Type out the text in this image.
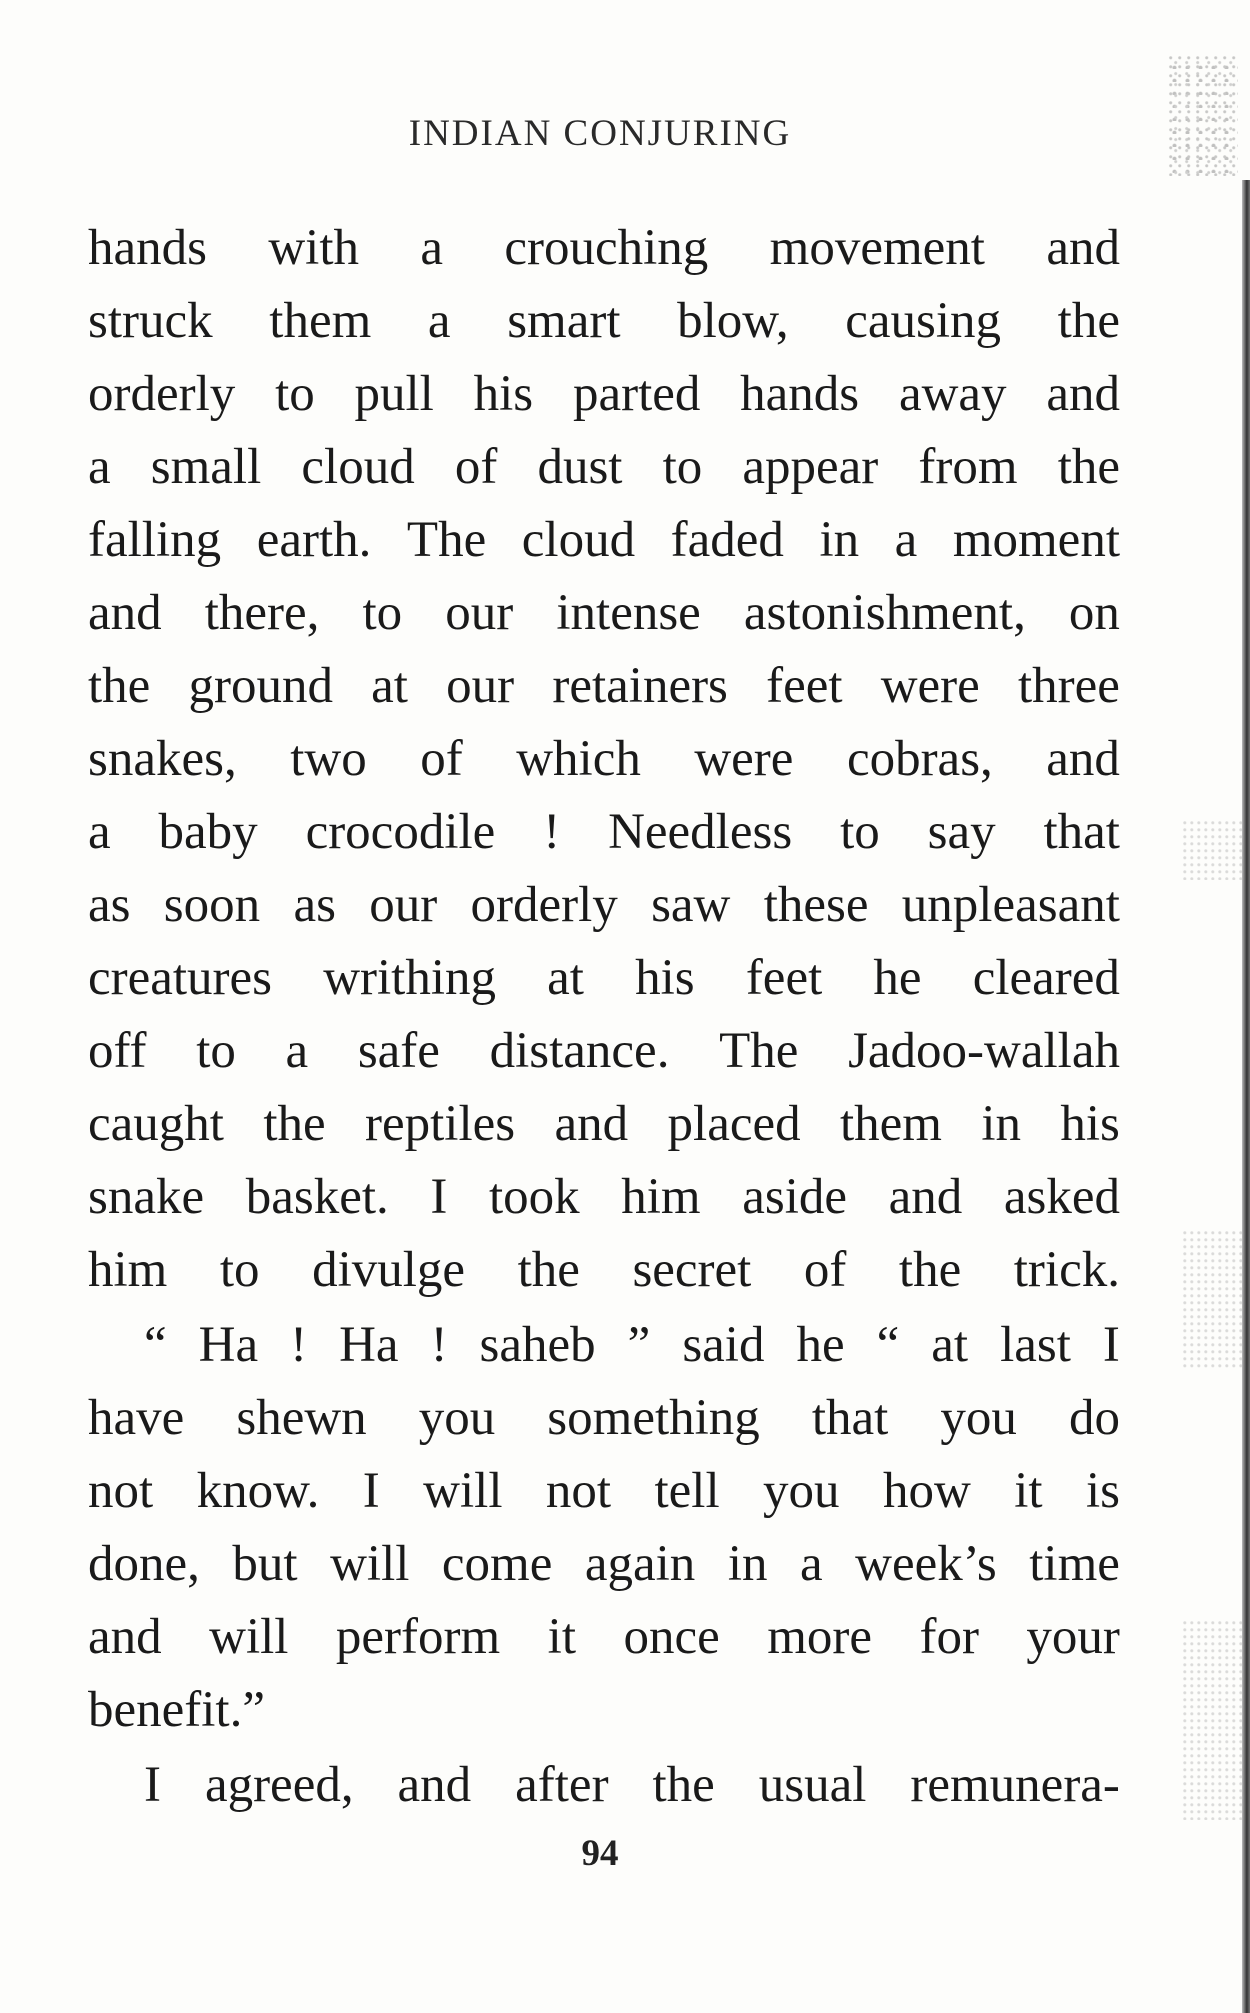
INDIAN CONJURING
hands with a crouching movement and
struck them a smart blow, causing the
orderly to pull his parted hands away and
a small cloud of dust to appear from the
falling earth. The cloud faded in a moment
and there, to our intense astonishment, on
the ground at our retainers feet were three
snakes, two of which were cobras, and
a baby crocodile ! Needless to say that
as soon as our orderly saw these unpleasant
creatures writhing at his feet he cleared
off to a safe distance. The Jadoo-wallah
caught the reptiles and placed them in his
snake basket. I took him aside and asked
him to divulge the secret of the trick.
“ Ha ! Ha ! saheb ” said he “ at last I
have shewn you something that you do
not know. I will not tell you how it is
done, but will come again in a week’s time
and will perform it once more for your
benefit.”
I agreed, and after the usual remunera-
94
